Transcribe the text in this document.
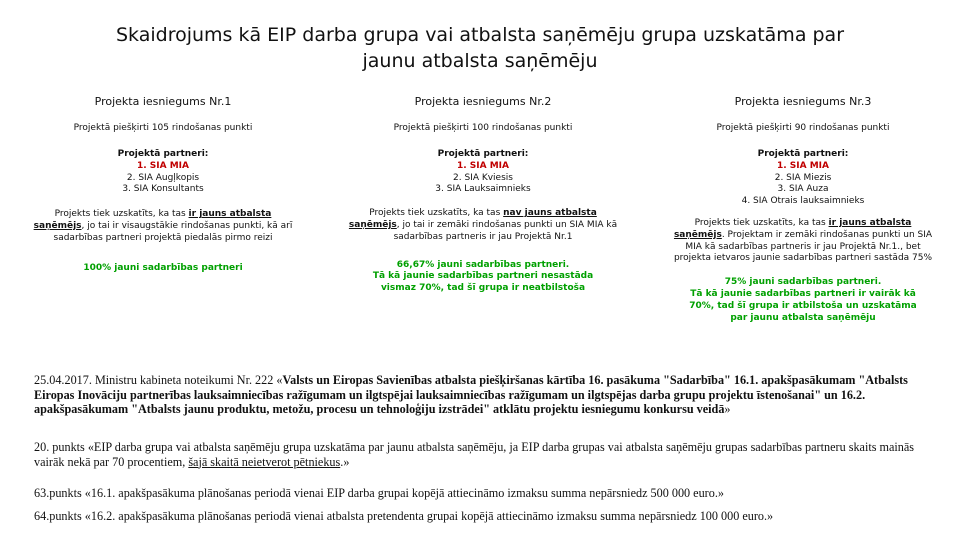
Skaidrojums kā EIP darba grupa vai atbalsta saņēmēju grupa uzskatāma par
jaunu atbalsta saņēmēju
Projekta iesniegums Nr.1
Projektā piešķirti 105 rindošanas punkti
Projektā partneri:
1. SIA MIA
2. SIA Augļkopis
3. SIA Konsultants
Projekts tiek uzskatīts, ka tas ir jauns atbalsta saņēmējs, jo tai ir visaugstākie rindošanas punkti, kā arī sadarbības partneri projektā piedalās pirmo reizi
100% jauni sadarbības partneri
Projekta iesniegums Nr.2
Projektā piešķirti 100 rindošanas punkti
Projektā partneri:
1. SIA MIA
2. SIA Kviesis
3. SIA Lauksaimnieks
Projekts tiek uzskatīts, ka tas nav jauns atbalsta saņēmējs, jo tai ir zemāki rindošanas punkti un SIA MIA kā sadarbības partneris ir jau Projektā Nr.1
66,67% jauni sadarbības partneri.
Tā kā jaunie sadarbības partneri nesastāda
vismaz 70%, tad šī grupa ir neatbilstoša
Projekta iesniegums Nr.3
Projektā piešķirti 90 rindošanas punkti
Projektā partneri:
1. SIA MIA
2. SIA Miezis
3. SIA Auza
4. SIA Otrais lauksaimnieks
Projekts tiek uzskatīts, ka tas ir jauns atbalsta saņēmējs. Projektam ir zemāki rindošanas punkti un SIA MIA kā sadarbības partneris ir jau Projektā Nr.1., bet projekta ietvaros jaunie sadarbības partneri sastāda 75%
75% jauni sadarbības partneri.
Tā kā jaunie sadarbības partneri ir vairāk kā
70%, tad šī grupa ir atbilstoša un uzskatāma
par jaunu atbalsta saņēmēju
25.04.2017. Ministru kabineta noteikumi Nr. 222 «Valsts un Eiropas Savienības atbalsta piešķiršanas kārtība 16. pasākuma "Sadarbība" 16.1. apakšpasākumam "Atbalsts Eiropas Inovāciju partnerības lauksaimniecības ražīgumam un ilgtspējai lauksaimniecības ražīgumam un ilgtspējas darba grupu projektu īstenošanai" un 16.2. apakšpasākumam "Atbalsts jaunu produktu, metožu, procesu un tehnoloģiju izstrādei" atklātu projektu iesniegumu konkursu veidā»
20. punkts «EIP darba grupa vai atbalsta saņēmēju grupa uzskatāma par jaunu atbalsta saņēmēju, ja EIP darba grupas vai atbalsta saņēmēju grupas sadarbības partneru skaits mainās vairāk nekā par 70 procentiem, šajā skaitā neietverot pētniekus.»
63.punkts «16.1. apakšpasākuma plānošanas periodā vienai EIP darba grupai kopējā attiecināmo izmaksu summa nepārsniedz 500 000 euro.»
64.punkts «16.2. apakšpasākuma plānošanas periodā vienai atbalsta pretendenta grupai kopējā attiecināmo izmaksu summa nepārsniedz 100 000 euro.»
